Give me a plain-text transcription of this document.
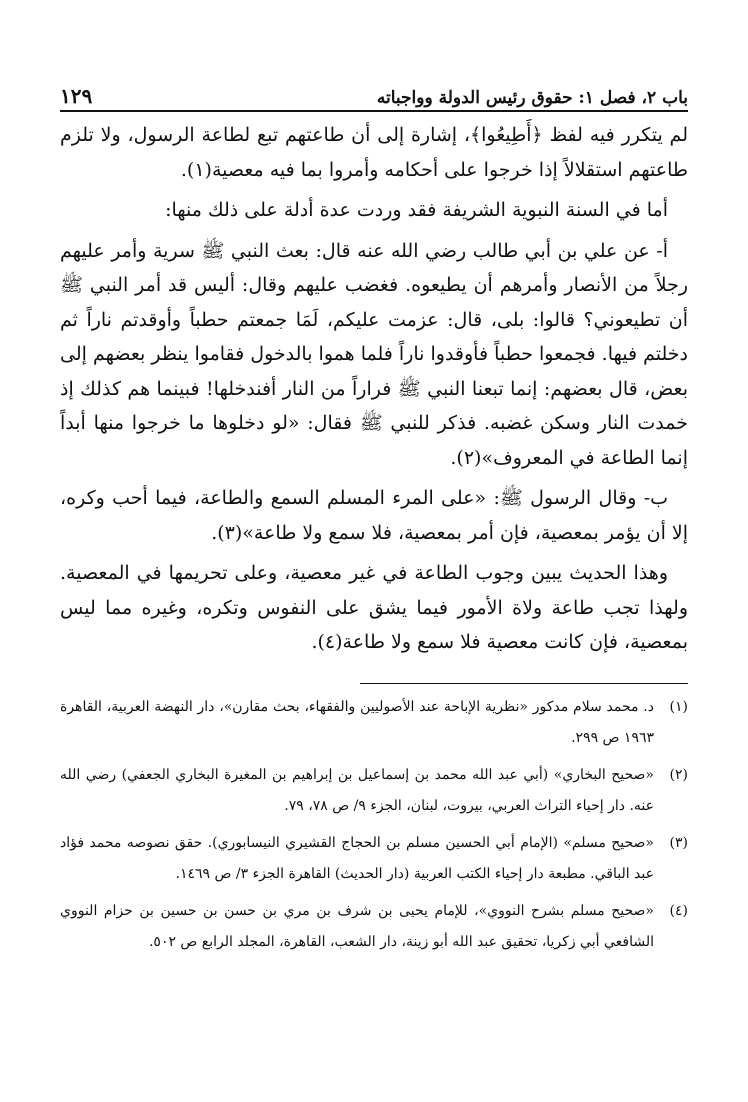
باب ٢، فصل ١: حقوق رئيس الدولة وواجباته
١٢٩

لم يتكرر فيه لفظ ﴿أَطِيعُوا﴾، إشارة إلى أن طاعتهم تبع لطاعة الرسول، ولا تلزم طاعتهم استقلالاً إذا خرجوا على أحكامه وأمروا بما فيه معصية(١).

أما في السنة النبوية الشريفة فقد وردت عدة أدلة على ذلك منها:

أ- عن علي بن أبي طالب رضي الله عنه قال: بعث النبي ﷺ سرية وأمر عليهم رجلاً من الأنصار وأمرهم أن يطيعوه. فغضب عليهم وقال: أليس قد أمر النبي ﷺ أن تطيعوني؟ قالوا: بلى، قال: عزمت عليكم، لَمَا جمعتم حطباً وأوقدتم ناراً ثم دخلتم فيها. فجمعوا حطباً فأوقدوا ناراً فلما هموا بالدخول فقاموا ينظر بعضهم إلى بعض، قال بعضهم: إنما تبعنا النبي ﷺ فراراً من النار أفندخلها! فبينما هم كذلك إذ خمدت النار وسكن غضبه. فذكر للنبي ﷺ فقال: «لو دخلوها ما خرجوا منها أبداً إنما الطاعة في المعروف»(٢).

ب- وقال الرسول ﷺ: «على المرء المسلم السمع والطاعة، فيما أحب وكره، إلا أن يؤمر بمعصية، فإن أمر بمعصية، فلا سمع ولا طاعة»(٣).

وهذا الحديث يبين وجوب الطاعة في غير معصية، وعلى تحريمها في المعصية. ولهذا تجب طاعة ولاة الأمور فيما يشق على النفوس وتكره، وغيره مما ليس بمعصية، فإن كانت معصية فلا سمع ولا طاعة(٤).

(١)
د. محمد سلام مدكور «نظرية الإباحة عند الأصوليين والفقهاء، بحث مقارن»، دار النهضة العربية، القاهرة ١٩٦٣ ص ٢٩٩.
(٢)
«صحيح البخاري» (أبي عبد الله محمد بن إسماعيل بن إبراهيم بن المغيرة البخاري الجعفي) رضي الله عنه. دار إحياء التراث العربي، بيروت، لبنان، الجزء ٩/ ص ٧٨، ٧٩.
(٣)
«صحيح مسلم» (الإمام أبي الحسين مسلم بن الحجاج القشيري النيسابوري). حقق نصوصه محمد فؤاد عبد الباقي. مطبعة دار إحياء الكتب العربية (دار الحديث) القاهرة الجزء ٣/ ص ١٤٦٩.
(٤)
«صحيح مسلم بشرح النووي»، للإمام يحيى بن شرف بن مري بن حسن بن حسين بن حزام النووي الشافعي أبي زكريا، تحقيق عبد الله أبو زينة، دار الشعب، القاهرة، المجلد الرابع ص ٥٠٢.
